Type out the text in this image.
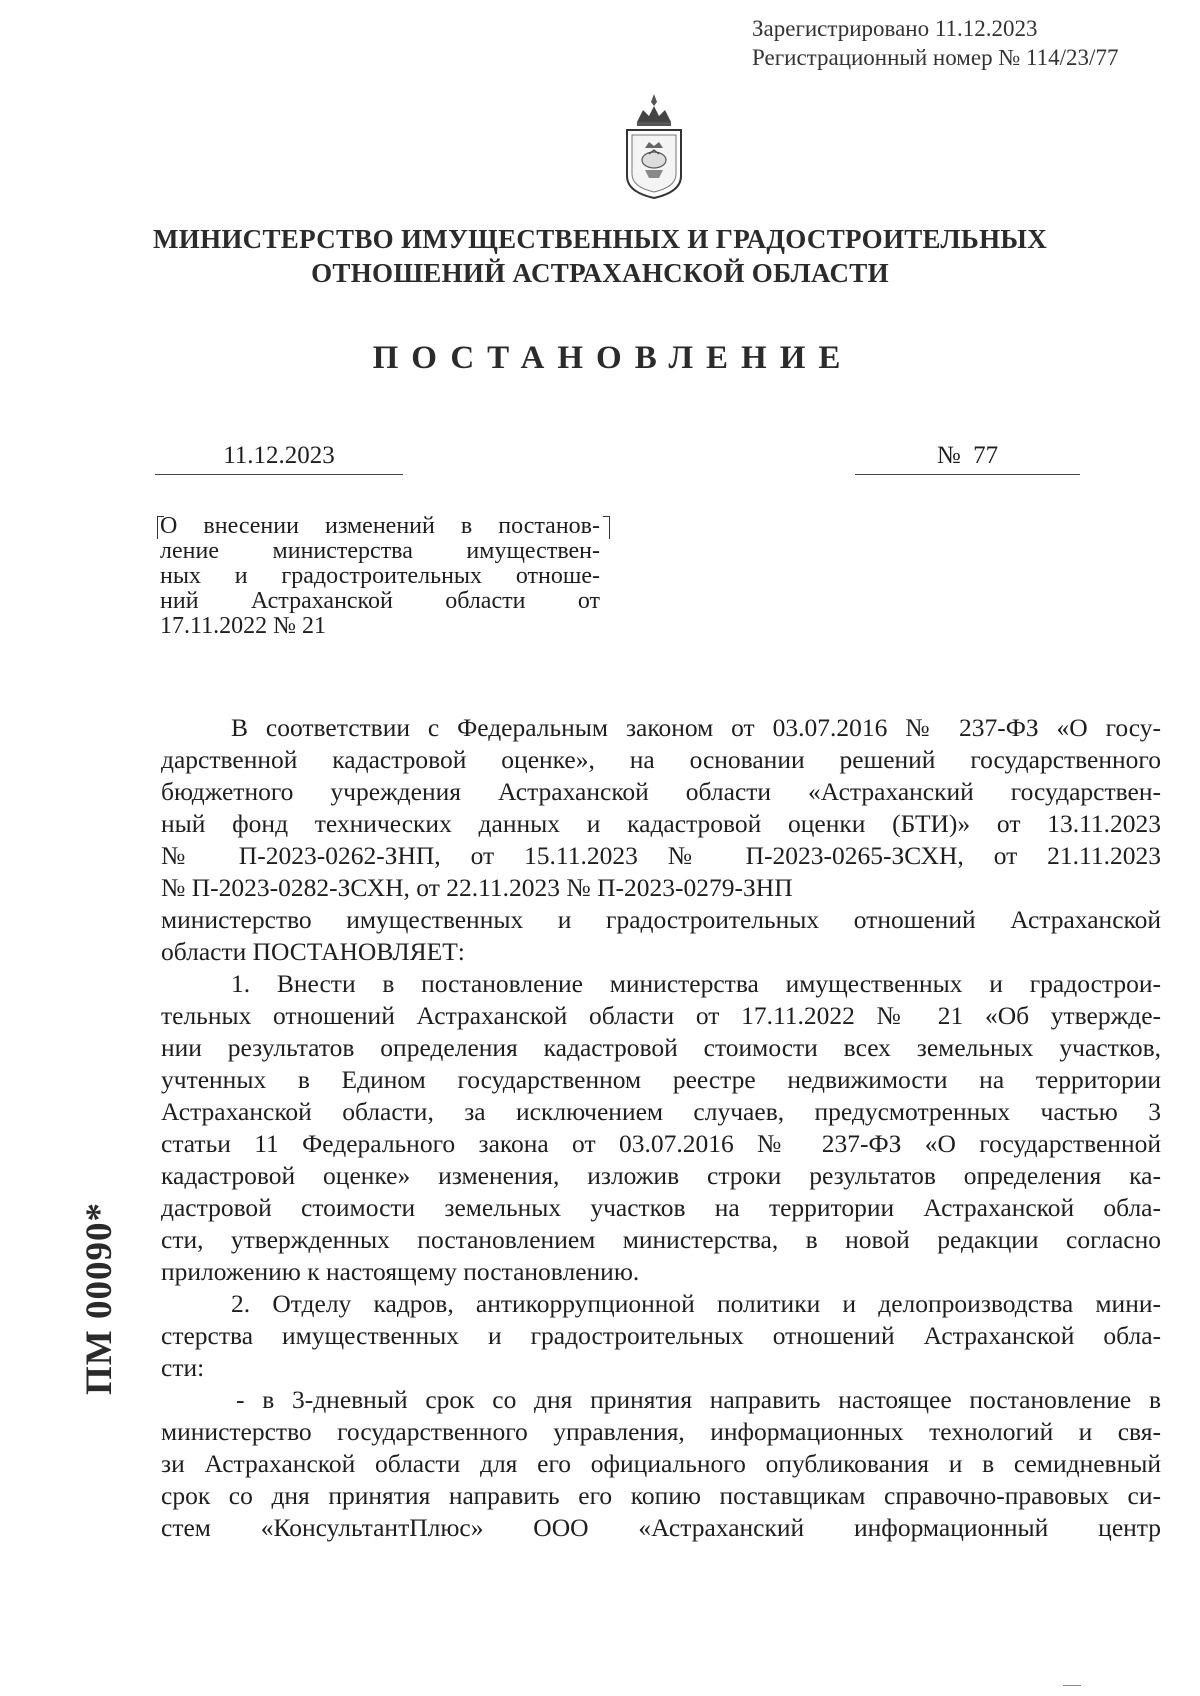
Зарегистрировано 11.12.2023
Регистрационный номер № 114/23/77
МИНИСТЕРСТВО ИМУЩЕСТВЕННЫХ И ГРАДОСТРОИТЕЛЬНЫХ
ОТНОШЕНИЙ АСТРАХАНСКОЙ ОБЛАСТИ
ПОСТАНОВЛЕНИЕ
11.12.2023	№  77
О внесении изменений в постанов-
ление министерства имуществен-
ных и градостроительных отноше-
ний Астраханской области от
17.11.2022 № 21
В соответствии с Федеральным законом от 03.07.2016 № 237-ФЗ «О госу-
дарственной кадастровой оценке», на основании решений государственного
бюджетного учреждения Астраханской области «Астраханский государствен-
ный фонд технических данных и кадастровой оценки (БТИ)» от 13.11.2023
№ П-2023-0262-ЗНП, от 15.11.2023 № П-2023-0265-ЗСХН, от 21.11.2023
№ П-2023-0282-ЗСХН, от 22.11.2023 № П-2023-0279-ЗНП
министерство имущественных и градостроительных отношений Астраханской
области ПОСТАНОВЛЯЕТ:
1. Внести в постановление министерства имущественных и градострои-
тельных отношений Астраханской области от 17.11.2022 № 21 «Об утвержде-
нии результатов определения кадастровой стоимости всех земельных участков,
учтенных в Едином государственном реестре недвижимости на территории
Астраханской области, за исключением случаев, предусмотренных частью 3
статьи 11 Федерального закона от 03.07.2016 № 237-ФЗ «О государственной
кадастровой оценке» изменения, изложив строки результатов определения ка-
дастровой стоимости земельных участков на территории Астраханской обла-
сти, утвержденных постановлением министерства, в новой редакции согласно
приложению к настоящему постановлению.
2. Отделу кадров, антикоррупционной политики и делопроизводства мини-
стерства имущественных и градостроительных отношений Астраханской обла-
сти:
- в 3-дневный срок со дня принятия направить настоящее постановление в
министерство государственного управления, информационных технологий и свя-
зи Астраханской области для его официального опубликования и в семидневный
срок со дня принятия направить его копию поставщикам справочно-правовых си-
стем «КонсультантПлюс» ООО «Астраханский информационный центр
ПМ 00090*
